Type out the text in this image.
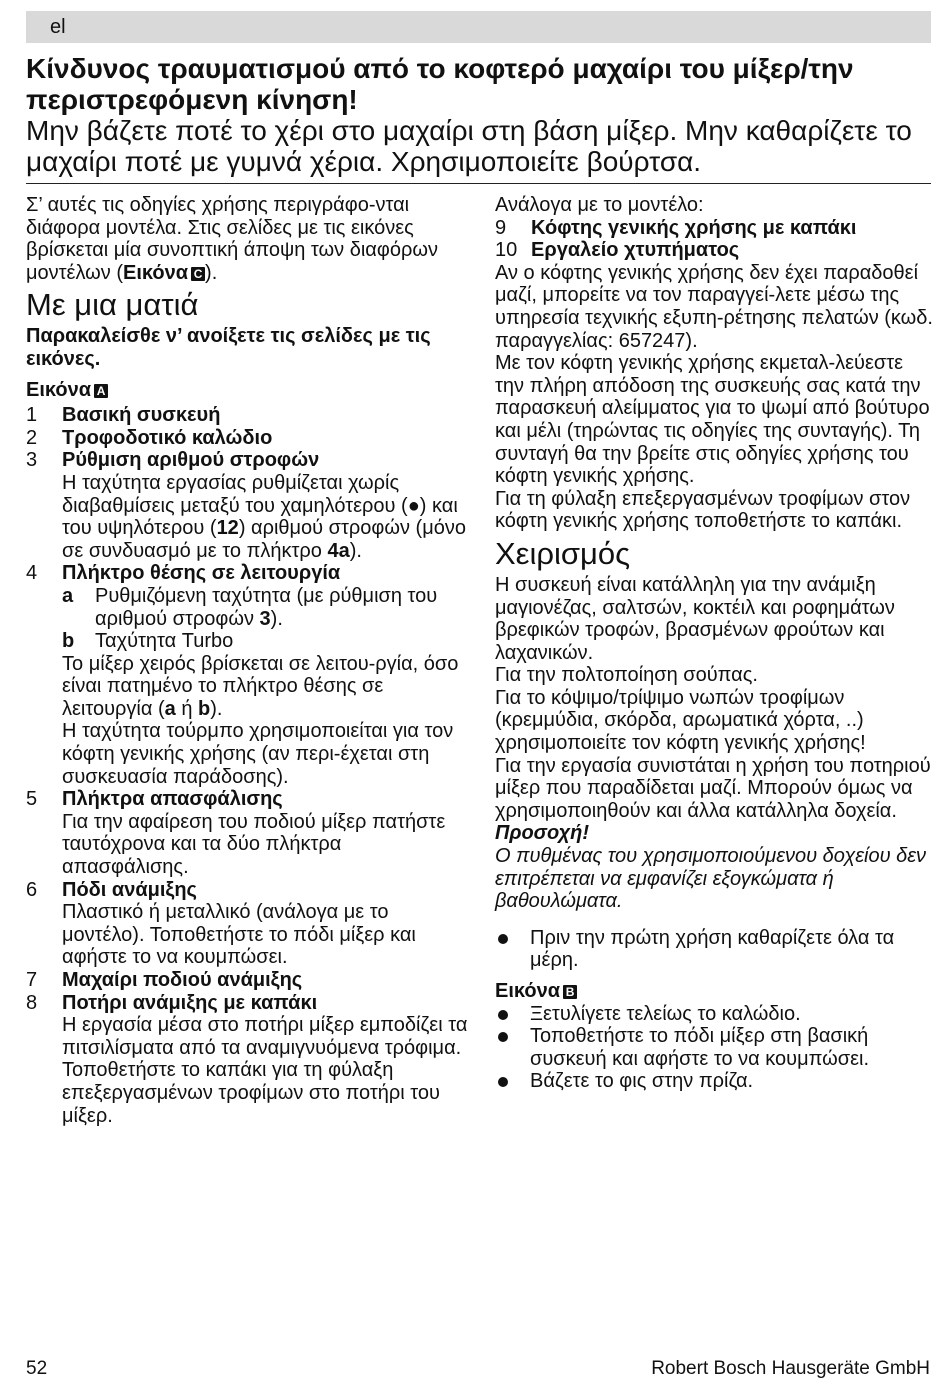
el

Κίνδυνος τραυματισμού από το κοφτερό μαχαίρι του μίξερ/την περιστρεφόμενη κίνηση!

Μην βάζετε ποτέ το χέρι στο μαχαίρι στη βάση μίξερ. Μην καθαρίζετε το μαχαίρι ποτέ με γυμνά χέρια. Χρησιμοποιείτε βούρτσα.

Σ’ αυτές τις οδηγίες χρήσης περιγράφο-νται διάφορα μοντέλα. Στις σελίδες με τις εικόνες βρίσκεται μία συνοπτική άποψη των διαφόρων μοντέλων (Εικόνα C ).

Με μια ματιά

Παρακαλείσθε ν’ ανοίξετε τις σελίδες με τις εικόνες.

Εικόνα A

1 Βασική συσκευή
2 Τροφοδοτικό καλώδιο
3 Ρύθμιση αριθμού στροφών

Η ταχύτητα εργασίας ρυθμίζεται χωρίς διαβαθμίσεις μεταξύ του χαμηλότερου (●) και του υψηλότερου (12) αριθμού στροφών (μόνο σε συνδυασμό με το πλήκτρο 4a).

4 Πλήκτρο θέσης σε λειτουργία
a Ρυθμιζόμενη ταχύτητα (με ρύθμιση του αριθμού στροφών 3).
b Ταχύτητα Turbo

Το μίξερ χειρός βρίσκεται σε λειτου-ργία, όσο είναι πατημένο το πλήκτρο θέσης σε λειτουργία (a ή b).

Η ταχύτητα τούρμπο χρησιμοποιείται για τον κόφτη γενικής χρήσης (αν περι-έχεται στη συσκευασία παράδοσης).

5 Πλήκτρα απασφάλισης

Για την αφαίρεση του ποδιού μίξερ πατήστε ταυτόχρονα και τα δύο πλήκτρα απασφάλισης.

6 Πόδι ανάμιξης

Πλαστικό ή μεταλλικό (ανάλογα με το μοντέλο). Τοποθετήστε το πόδι μίξερ και αφήστε το να κουμπώσει.

7 Μαχαίρι ποδιού ανάμιξης
8 Ποτήρι ανάμιξης με καπάκι

Η εργασία μέσα στο ποτήρι μίξερ εμποδίζει τα πιτσιλίσματα από τα αναμιγνυόμενα τρόφιμα.

Τοποθετήστε το καπάκι για τη φύλαξη επεξεργασμένων τροφίμων στο ποτήρι του μίξερ.

Ανάλογα με το μοντέλο:

9 Κόφτης γενικής χρήσης με καπάκι
10 Εργαλείο χτυπήματος

Αν ο κόφτης γενικής χρήσης δεν έχει παραδοθεί μαζί, μπορείτε να τον παραγγεί-λετε μέσω της υπηρεσία τεχνικής εξυπη-ρέτησης πελατών (κωδ. παραγγελίας: 657247).

Με τον κόφτη γενικής χρήσης εκμεταλ-λεύεστε την πλήρη απόδοση της συσκευής σας κατά την παρασκευή αλείμματος για το ψωμί από βούτυρο και μέλι (τηρώντας τις οδηγίες της συνταγής). Τη συνταγή θα την βρείτε στις οδηγίες χρήσης του κόφτη γενικής χρήσης.

Για τη φύλαξη επεξεργασμένων τροφίμων στον κόφτη γενικής χρήσης τοποθετήστε το καπάκι.

Χειρισμός

Η συσκευή είναι κατάλληλη για την ανάμιξη μαγιονέζας, σαλτσών, κοκτέιλ και ροφημάτων βρεφικών τροφών, βρασμένων φρούτων και λαχανικών.

Για την πολτοποίηση σούπας.

Για το κόψιμο/τρίψιμο νωπών τροφίμων (κρεμμύδια, σκόρδα, αρωματικά χόρτα, ..) χρησιμοποιείτε τον κόφτη γενικής χρήσης!

Για την εργασία συνιστάται η χρήση του ποτηριού μίξερ που παραδίδεται μαζί. Μπορούν όμως να χρησιμοποιηθούν και άλλα κατάλληλα δοχεία.

Προσοχή!

Ο πυθμένας του χρησιμοποιούμενου δοχείου δεν επιτρέπεται να εμφανίζει εξογκώματα ή βαθουλώματα.

Πριν την πρώτη χρήση καθαρίζετε όλα τα μέρη.

Εικόνα B

Ξετυλίγετε τελείως το καλώδιο.
Τοποθετήστε το πόδι μίξερ στη βασική συσκευή και αφήστε το να κουμπώσει.
Βάζετε το φις στην πρίζα.
52	Robert Bosch Hausgeräte GmbH
